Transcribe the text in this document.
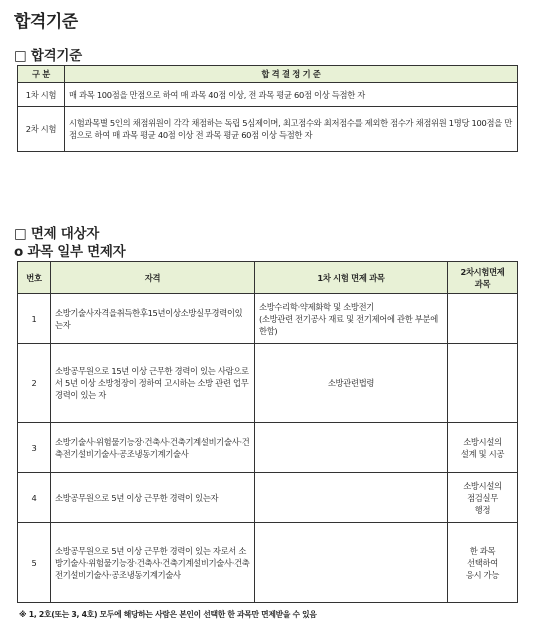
합격기준
□ 합격기준
구 분	합 격 결 정 기 준
1차 시험	매 과목 100점을 만점으로 하여 매 과목 40점 이상, 전 과목 평균 60점 이상 득점한 자
2차 시험	시험과목별 5인의 채점위원이 각각 채점하는 독립 5심제이며, 최고점수와 최저점수를 제외한 점수가 채점위원 1명당 100점을 만점으로 하여 매 과목 평균 40점 이상 전 과목 평균 60점 이상 득점한 자
□ 면제 대상자
o 과목 일부 면제자
번호	자격	1차 시험 면제 과목	2차시험면제
과목
1	소방기술사자격을취득한후15년이상소방실무경력이있는자	소방수리학·약제화학 및 소방전기
(소방관련 전기공사 재료 및 전기제어에 관한 부분에 한함)	
2	소방공무원으로 15년 이상 근무한 경력이 있는 사람으로서 5년 이상 소방청장이 정하여 고시하는 소방 관련 업무 경력이 있는 자	소방관련법령	
3	소방기술사·위험물기능장·건축사·건축기계설비기술사·건축전기설비기술사·공조냉동기계기술사		소방시설의
설계 및 시공
4	소방공무원으로 5년 이상 근무한 경력이 있는자		소방시설의
점검실무
행정
5	소방공무원으로 5년 이상 근무한 경력이 있는 자로서 소방기술사·위험물기능장·건축사·건축기계설비기술사·건축전기설비기술사·공조냉동기계기술사		한 과목
선택하여
응시 가능
※ 1, 2호(또는 3, 4호) 모두에 해당하는 사람은 본인이 선택한 한 과목만 면제받을 수 있음
